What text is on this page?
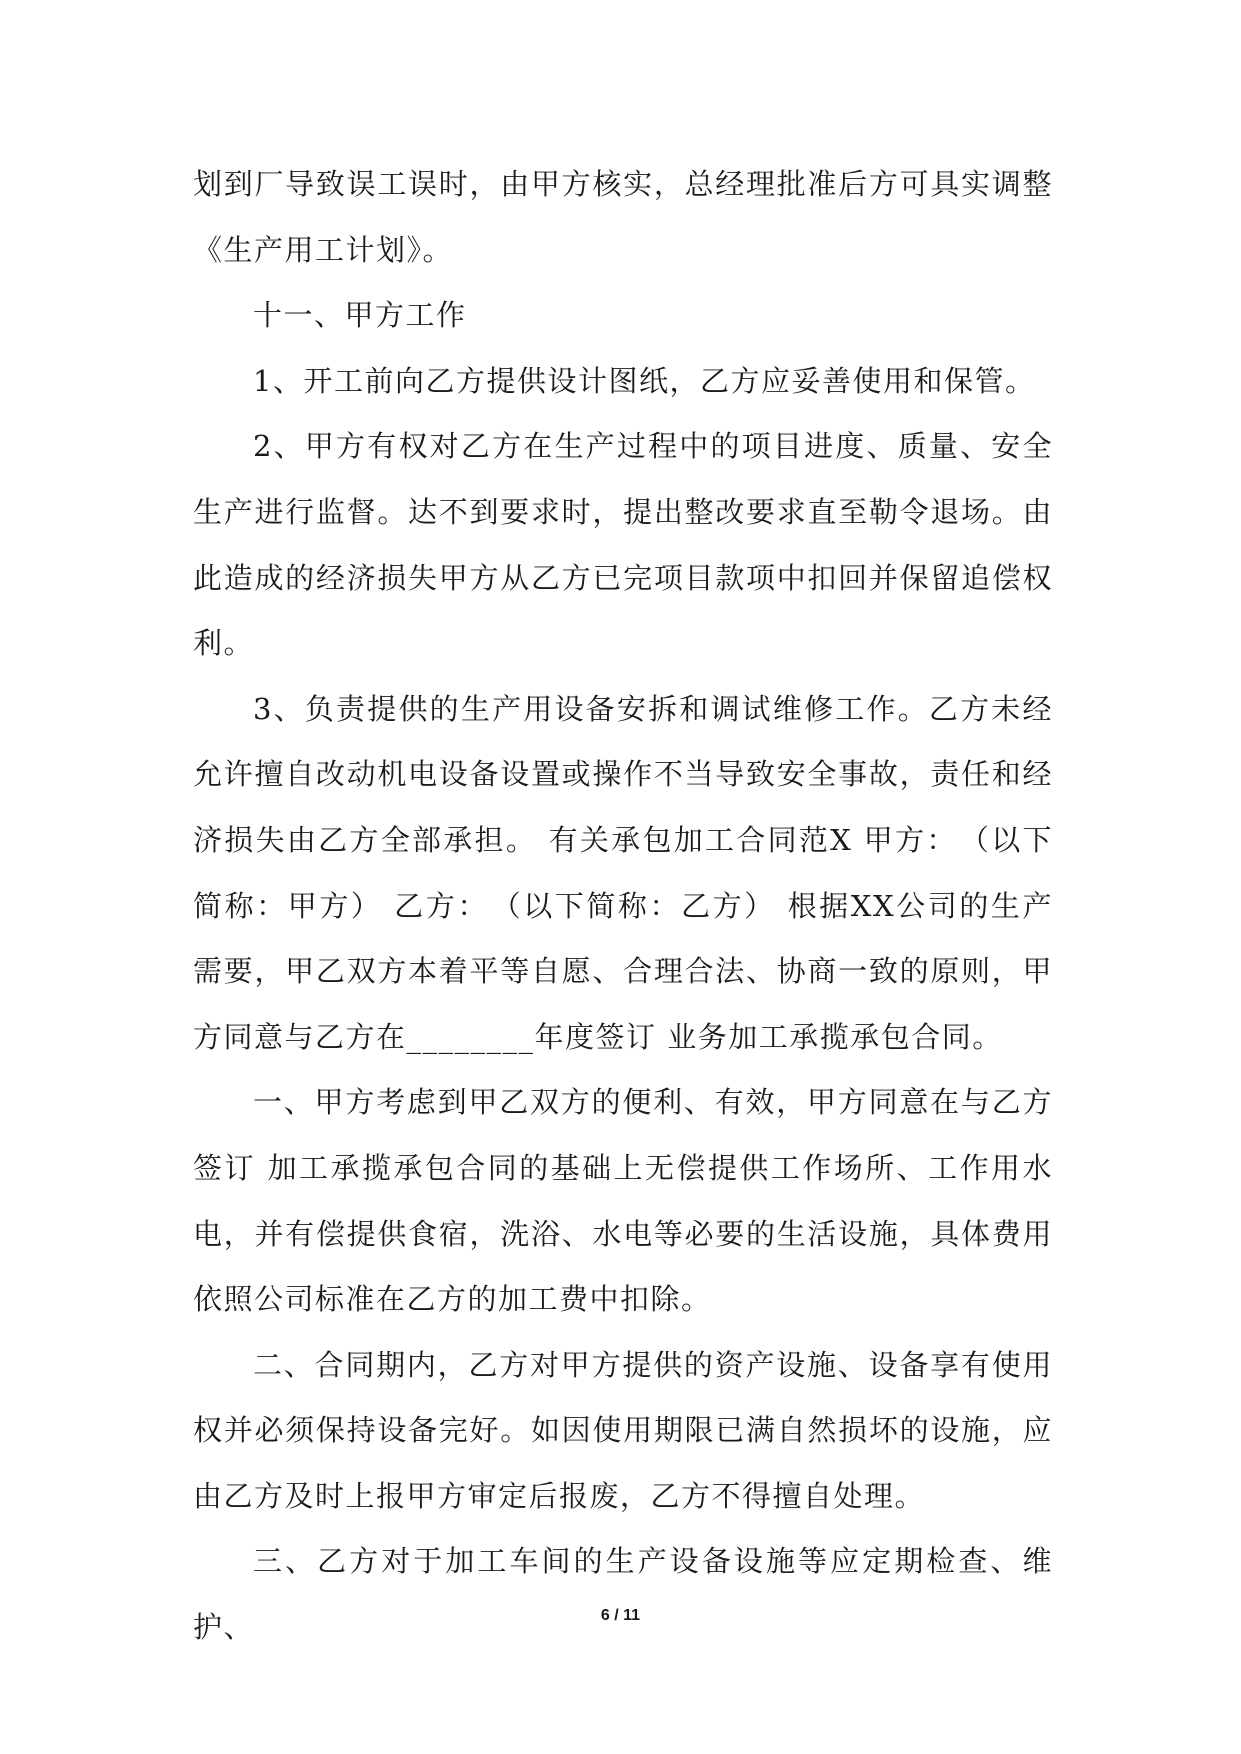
划到厂导致误工误时，由甲方核实，总经理批准后方可具实调整《生产用工计划》。

十一、甲方工作

1、开工前向乙方提供设计图纸，乙方应妥善使用和保管。

2、甲方有权对乙方在生产过程中的项目进度、质量、安全生产进行监督。达不到要求时，提出整改要求直至勒令退场。由此造成的经济损失甲方从乙方已完项目款项中扣回并保留追偿权利。

3、负责提供的生产用设备安拆和调试维修工作。乙方未经允许擅自改动机电设备设置或操作不当导致安全事故，责任和经济损失由乙方全部承担。 有关承包加工合同范X 甲方：　（以下简称：甲方） 乙方：　（以下简称：乙方） 根据XX公司的生产需要，甲乙双方本着平等自愿、合理合法、协商一致的原则，甲方同意与乙方在________年度签订 业务加工承揽承包合同。

一、甲方考虑到甲乙双方的便利、有效，甲方同意在与乙方签订 加工承揽承包合同的基础上无偿提供工作场所、工作用水电，并有偿提供食宿，洗浴、水电等必要的生活设施，具体费用依照公司标准在乙方的加工费中扣除。

二、合同期内，乙方对甲方提供的资产设施、设备享有使用权并必须保持设备完好。如因使用期限已满自然损坏的设施，应由乙方及时上报甲方审定后报废，乙方不得擅自处理。

三、乙方对于加工车间的生产设备设施等应定期检查、维护、	6 / 11
